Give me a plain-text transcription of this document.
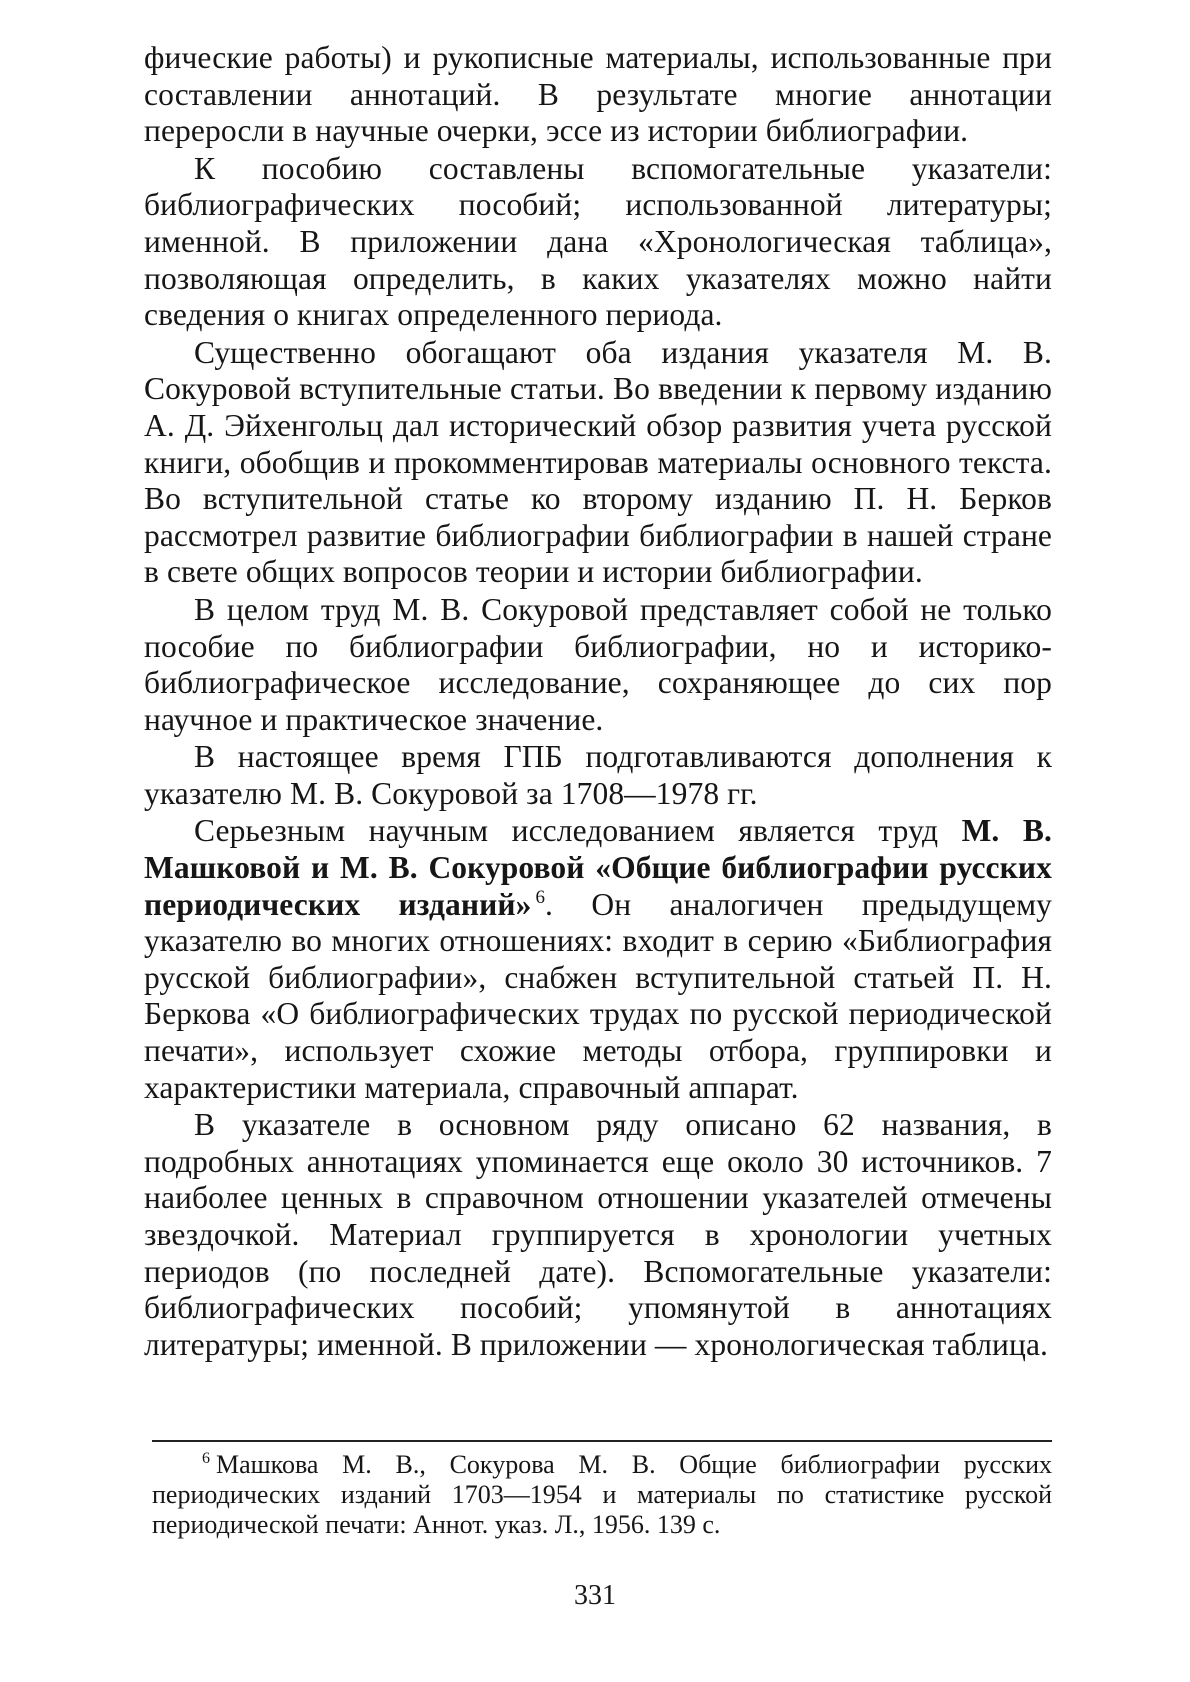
фические работы) и рукописные материалы, использованные при составлении аннотаций. В результате многие аннотации переросли в научные очерки, эссе из истории библиографии.

К пособию составлены вспомогательные указатели: библиографических пособий; использованной литературы; именной. В приложении дана «Хронологическая таблица», позволяющая определить, в каких указателях можно найти сведения о книгах определенного периода.

Существенно обогащают оба издания указателя М. В. Сокуровой вступительные статьи. Во введении к первому изданию А. Д. Эйхенгольц дал исторический обзор развития учета русской книги, обобщив и прокомментировав материалы основного текста. Во вступительной статье ко второму изданию П. Н. Берков рассмотрел развитие библиографии библиографии в нашей стране в свете общих вопросов теории и истории библиографии.

В целом труд М. В. Сокуровой представляет собой не только пособие по библиографии библиографии, но и историко-библиографическое исследование, сохраняющее до сих пор научное и практическое значение.

В настоящее время ГПБ подготавливаются дополнения к указателю М. В. Сокуровой за 1708—1978 гг.

Серьезным научным исследованием является труд М. В. Машковой и М. В. Сокуровой «Общие библиографии русских периодических изданий» $^6$. Он аналогичен предыдущему указателю во многих отношениях: входит в серию «Библиография русской библиографии», снабжен вступительной статьей П. Н. Беркова «О библиографических трудах по русской периодической печати», использует схожие методы отбора, группировки и характеристики материала, справочный аппарат.

В указателе в основном ряду описано 62 названия, в подробных аннотациях упоминается еще около 30 источников. 7 наиболее ценных в справочном отношении указателей отмечены звездочкой. Материал группируется в хронологии учетных периодов (по последней дате). Вспомогательные указатели: библиографических пособий; упомянутой в аннотациях литературы; именной. В приложении — хронологическая таблица.

$^6$ Машкова М. В., Сокурова М. В. Общие библиографии русских периодических изданий 1703—1954 и материалы по статистике русской периодической печати: Аннот. указ. Л., 1956. 139 с.

331
